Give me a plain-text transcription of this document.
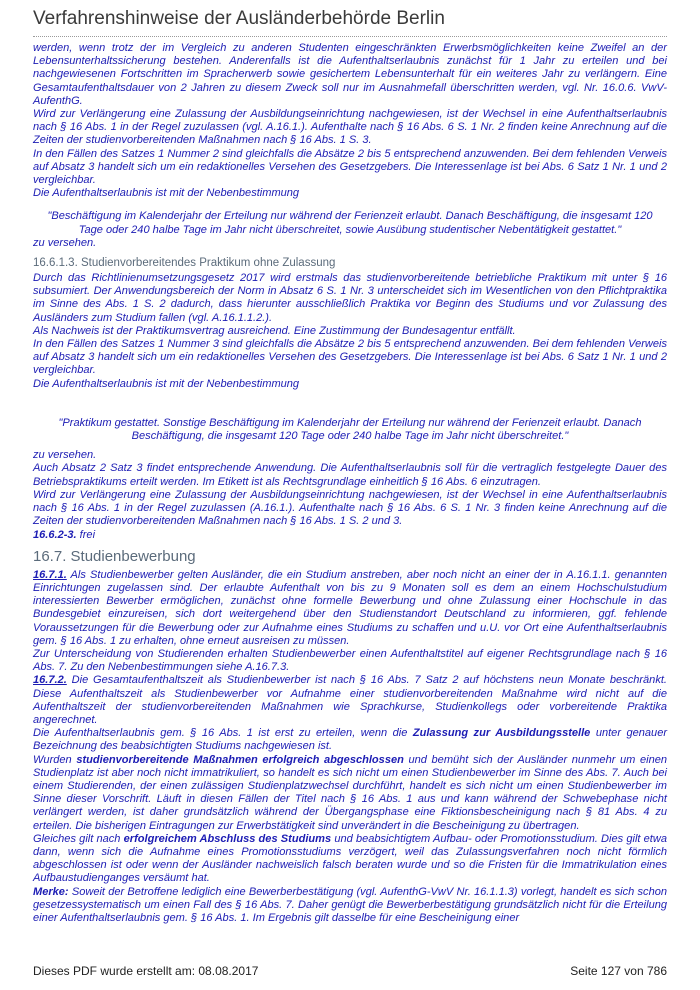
Verfahrenshinweise der Ausländerbehörde Berlin

werden, wenn trotz der im Vergleich zu anderen Studenten eingeschränkten Erwerbsmöglichkeiten keine Zweifel an der Lebensunterhaltssicherung bestehen. Anderenfalls ist die Aufenthaltserlaubnis zunächst für 1 Jahr zu erteilen und bei nachgewiesenen Fortschritten im Spracherwerb sowie gesichertem Lebensunterhalt für ein weiteres Jahr zu verlängern. Eine Gesamtaufenthaltsdauer von 2 Jahren zu diesem Zweck soll nur im Ausnahmefall überschritten werden, vgl. Nr. 16.0.6. VwV-AufenthG.

Wird zur Verlängerung eine Zulassung der Ausbildungseinrichtung nachgewiesen, ist der Wechsel in eine Aufenthaltserlaubnis nach § 16 Abs. 1 in der Regel zuzulassen (vgl. A.16.1.). Aufenthalte nach § 16 Abs. 6 S. 1 Nr. 2 finden keine Anrechnung auf die Zeiten der studienvorbereitenden Maßnahmen nach § 16 Abs. 1 S. 3.

In den Fällen des Satzes 1 Nummer 2 sind gleichfalls die Absätze 2 bis 5 entsprechend anzuwenden. Bei dem fehlenden Verweis auf Absatz 3 handelt sich um ein redaktionelles Versehen des Gesetzgebers. Die Interessenlage ist bei Abs. 6 Satz 1 Nr. 1 und 2 vergleichbar.

Die Aufenthaltserlaubnis ist mit der Nebenbestimmung

"Beschäftigung im Kalenderjahr der Erteilung nur während der Ferienzeit erlaubt. Danach Beschäftigung, die insgesamt 120 Tage oder 240 halbe Tage im Jahr nicht überschreitet, sowie Ausübung studentischer Nebentätigkeit gestattet."

zu versehen.

16.6.1.3. Studienvorbereitendes Praktikum ohne Zulassung

Durch das Richtlinienumsetzungsgesetz 2017 wird erstmals das studienvorbereitende betriebliche Praktikum mit unter § 16 subsumiert. Der Anwendungsbereich der Norm in Absatz 6 S. 1 Nr. 3 unterscheidet sich im Wesentlichen von den Pflichtpraktika im Sinne des Abs. 1 S. 2 dadurch, dass hierunter ausschließlich Praktika vor Beginn des Studiums und vor Zulassung des Ausländers zum Studium fallen (vgl. A.16.1.1.2.).

Als Nachweis ist der Praktikumsvertrag ausreichend. Eine Zustimmung der Bundesagentur entfällt.

In den Fällen des Satzes 1 Nummer 3 sind gleichfalls die Absätze 2 bis 5 entsprechend anzuwenden. Bei dem fehlenden Verweis auf Absatz 3 handelt sich um ein redaktionelles Versehen des Gesetzgebers. Die Interessenlage ist bei Abs. 6 Satz 1 Nr. 1 und 2 vergleichbar.

Die Aufenthaltserlaubnis ist mit der Nebenbestimmung

"Praktikum gestattet. Sonstige Beschäftigung im Kalenderjahr der Erteilung nur während der Ferienzeit erlaubt. Danach Beschäftigung, die insgesamt 120 Tage oder 240 halbe Tage im Jahr nicht überschreitet."

zu versehen.

Auch Absatz 2 Satz 3 findet entsprechende Anwendung. Die Aufenthaltserlaubnis soll für die vertraglich festgelegte Dauer des Betriebspraktikums erteilt werden. Im Etikett ist als Rechtsgrundlage einheitlich § 16 Abs. 6 einzutragen.

Wird zur Verlängerung eine Zulassung der Ausbildungseinrichtung nachgewiesen, ist der Wechsel in eine Aufenthaltserlaubnis nach § 16 Abs. 1 in der Regel zuzulassen (A.16.1.). Aufenthalte nach § 16 Abs. 6 S. 1 Nr. 3 finden keine Anrechnung auf die Zeiten der studienvorbereitenden Maßnahmen nach § 16 Abs. 1 S. 2 und 3.

16.6.2-3. frei

16.7. Studienbewerbung

16.7.1. Als Studienbewerber gelten Ausländer, die ein Studium anstreben, aber noch nicht an einer der in A.16.1.1. genannten Einrichtungen zugelassen sind. Der erlaubte Aufenthalt von bis zu 9 Monaten soll es dem an einem Hochschulstudium interessierten Bewerber ermöglichen, zunächst ohne formelle Bewerbung und ohne Zulassung einer Hochschule in das Bundesgebiet einzureisen, sich dort weitergehend über den Studienstandort Deutschland zu informieren, ggf. fehlende Voraussetzungen für die Bewerbung oder zur Aufnahme eines Studiums zu schaffen und u.U. vor Ort eine Aufenthaltserlaubnis gem. § 16 Abs. 1 zu erhalten, ohne erneut ausreisen zu müssen.

Zur Unterscheidung von Studierenden erhalten Studienbewerber einen Aufenthaltstitel auf eigener Rechtsgrundlage nach § 16 Abs. 7. Zu den Nebenbestimmungen siehe A.16.7.3.

16.7.2. Die Gesamtaufenthaltszeit als Studienbewerber ist nach § 16 Abs. 7 Satz 2 auf höchstens neun Monate beschränkt. Diese Aufenthaltszeit als Studienbewerber vor Aufnahme einer studienvorbereitenden Maßnahme wird nicht auf die Aufenthaltszeit der studienvorbereitenden Maßnahmen wie Sprachkurse, Studienkollegs oder vorbereitende Praktika angerechnet.

Die Aufenthaltserlaubnis gem. § 16 Abs. 1 ist erst zu erteilen, wenn die Zulassung zur Ausbildungsstelle unter genauer Bezeichnung des beabsichtigten Studiums nachgewiesen ist.

Wurden studienvorbereitende Maßnahmen erfolgreich abgeschlossen und bemüht sich der Ausländer nunmehr um einen Studienplatz ist aber noch nicht immatrikuliert, so handelt es sich nicht um einen Studienbewerber im Sinne des Abs. 7. Auch bei einem Studierenden, der einen zulässigen Studienplatzwechsel durchführt, handelt es sich nicht um einen Studienbewerber im Sinne dieser Vorschrift. Läuft in diesen Fällen der Titel nach § 16 Abs. 1 aus und kann während der Schwebephase nicht verlängert werden, ist daher grundsätzlich während der Übergangsphase eine Fiktionsbescheinigung nach § 81 Abs. 4 zu erteilen. Die bisherigen Eintragungen zur Erwerbstätigkeit sind unverändert in die Bescheinigung zu übertragen.

Gleiches gilt nach erfolgreichem Abschluss des Studiums und beabsichtigtem Aufbau- oder Promotionsstudium. Dies gilt etwa dann, wenn sich die Aufnahme eines Promotionsstudiums verzögert, weil das Zulassungsverfahren noch nicht förmlich abgeschlossen ist oder wenn der Ausländer nachweislich falsch beraten wurde und so die Fristen für die Immatrikulation eines Aufbaustudienganges versäumt hat.

Merke: Soweit der Betroffene lediglich eine Bewerberbestätigung (vgl. AufenthG-VwV Nr. 16.1.1.3) vorlegt, handelt es sich schon gesetzessystematisch um einen Fall des § 16 Abs. 7. Daher genügt die Bewerberbestätigung grundsätzlich nicht für die Erteilung einer Aufenthaltserlaubnis gem. § 16 Abs. 1. Im Ergebnis gilt dasselbe für eine Bescheinigung einer

Dieses PDF wurde erstellt am: 08.08.2017	Seite 127 von 786
